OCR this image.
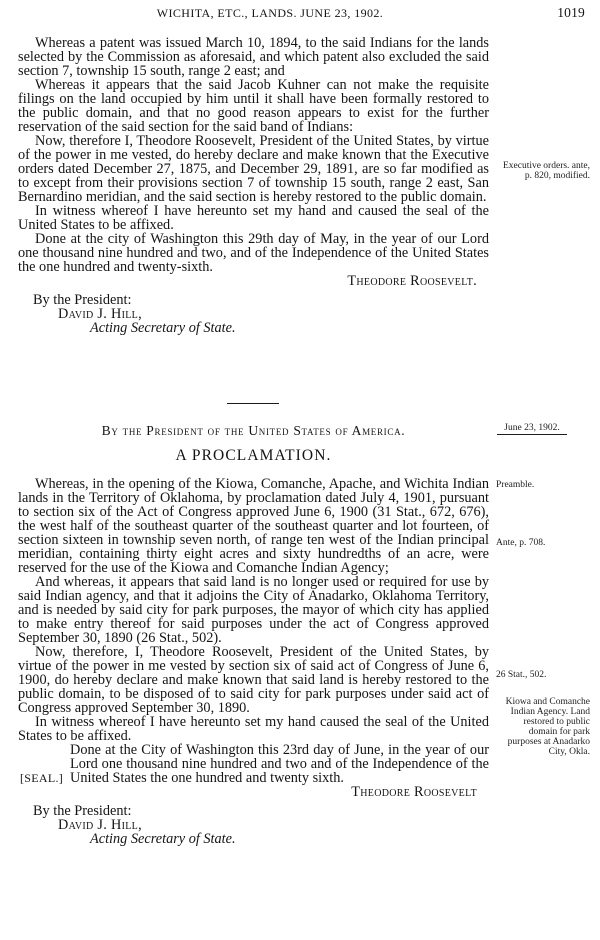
WICHITA, ETC., LANDS. JUNE 23, 1902.	1019

Whereas a patent was issued March 10, 1894, to the said Indians for the lands selected by the Commission as aforesaid, and which patent also excluded the said section 7, township 15 south, range 2 east; and

Whereas it appears that the said Jacob Kuhner can not make the requisite filings on the land occupied by him until it shall have been formally restored to the public domain, and that no good reason appears to exist for the further reservation of the said section for the said band of Indians:

Now, therefore I, Theodore Roosevelt, President of the United States, by virtue of the power in me vested, do hereby declare and make known that the Executive orders dated December 27, 1875, and December 29, 1891, are so far modified as to except from their provisions section 7 of township 15 south, range 2 east, San Bernardino meridian, and the said section is hereby restored to the public domain.

In witness whereof I have hereunto set my hand and caused the seal of the United States to be affixed.

Done at the city of Washington this 29th day of May, in the year of our Lord one thousand nine hundred and two, and of the Independence of the United States the one hundred and twenty-sixth.

Theodore Roosevelt.

By the President:

David J. Hill,

Acting Secretary of State.

By the President of the United States of America.
A PROCLAMATION.

Whereas, in the opening of the Kiowa, Comanche, Apache, and Wichita Indian lands in the Territory of Oklahoma, by proclamation dated July 4, 1901, pursuant to section six of the Act of Congress approved June 6, 1900 (31 Stat., 672, 676), the west half of the southeast quarter of the southeast quarter and lot fourteen, of section sixteen in township seven north, of range ten west of the Indian principal meridian, containing thirty eight acres and sixty hundredths of an acre, were reserved for the use of the Kiowa and Comanche Indian Agency;

And whereas, it appears that said land is no longer used or required for use by said Indian agency, and that it adjoins the City of Anadarko, Oklahoma Territory, and is needed by said city for park purposes, the mayor of which city has applied to make entry thereof for said purposes under the act of Congress approved September 30, 1890 (26 Stat., 502).

Now, therefore, I, Theodore Roosevelt, President of the United States, by virtue of the power in me vested by section six of said act of Congress of June 6, 1900, do hereby declare and make known that said land is hereby restored to the public domain, to be disposed of to said city for park purposes under said act of Congress approved September 30, 1890.

In witness whereof I have hereunto set my hand caused the seal of the United States to be affixed.

[SEAL.]

Done at the City of Washington this 23rd day of June, in the year of our Lord one thousand nine hundred and two and of the Independence of the United States the one hundred and twenty sixth.

Theodore Roosevelt

By the President:

David J. Hill,

Acting Secretary of State.

Executive orders. ante, p. 820, modified.
June 23, 1902.
Preamble.
Ante, p. 708.
26 Stat., 502.
Kiowa and Comanche Indian Agency. Land restored to public domain for park purposes at Anadarko City, Okla.
